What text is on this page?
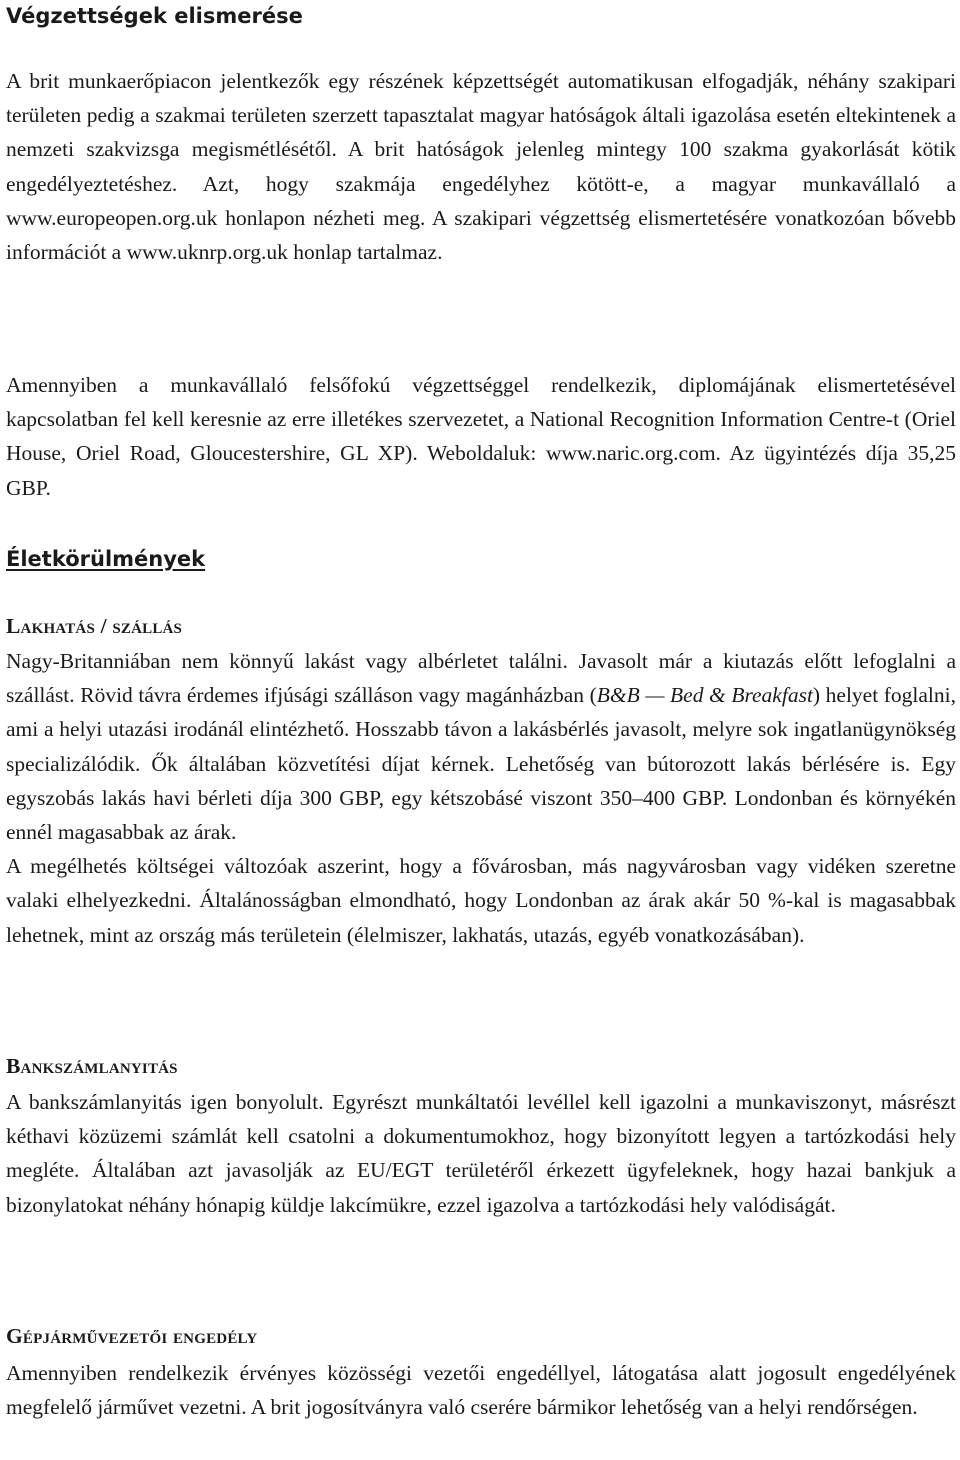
Végzettségek elismerése

A brit munkaerőpiacon jelentkezők egy részének képzettségét automatikusan elfogadják, néhány szakipari területen pedig a szakmai területen szerzett tapasztalat magyar hatóságok általi igazolása esetén eltekintenek a nemzeti szakvizsga megismétlésétől. A brit hatóságok jelenleg mintegy 100 szakma gyakorlását kötik engedélyeztetéshez. Azt, hogy szakmája engedélyhez kötött-e, a magyar munkavállaló a www.europeopen.org.uk honlapon nézheti meg. A szakipari végzettség elismertetésére vonatkozóan bővebb információt a www.uknrp.org.uk honlap tartalmaz.

Amennyiben a munkavállaló felsőfokú végzettséggel rendelkezik, diplomájának elismertetésével kapcsolatban fel kell keresnie az erre illetékes szervezetet, a National Recognition Information Centre-t (Oriel House, Oriel Road, Gloucestershire, GL XP). Weboldaluk: www.naric.org.com. Az ügyintézés díja 35,25 GBP.

Életkörülmények
Lakhatás / szállás

Nagy-Britanniában nem könnyű lakást vagy albérletet találni. Javasolt már a kiutazás előtt lefoglalni a szállást. Rövid távra érdemes ifjúsági szálláson vagy magánházban (B&B — Bed & Breakfast) helyet foglalni, ami a helyi utazási irodánál elintézhető. Hosszabb távon a lakásbérlés javasolt, melyre sok ingatlanügynökség specializálódik. Ők általában közvetítési díjat kérnek. Lehetőség van bútorozott lakás bérlésére is. Egy egyszobás lakás havi bérleti díja 300 GBP, egy kétszobásé viszont 350–400 GBP. Londonban és környékén ennél magasabbak az árak.

A megélhetés költségei változóak aszerint, hogy a fővárosban, más nagyvárosban vagy vidéken szeretne valaki elhelyezkedni. Általánosságban elmondható, hogy Londonban az árak akár 50 %-kal is magasabbak lehetnek, mint az ország más területein (élelmiszer, lakhatás, utazás, egyéb vonatkozásában).

Bankszámlanyitás

A bankszámlanyitás igen bonyolult. Egyrészt munkáltatói levéllel kell igazolni a munkaviszonyt, másrészt kéthavi közüzemi számlát kell csatolni a dokumentumokhoz, hogy bizonyított legyen a tartózkodási hely megléte. Általában azt javasolják az EU/EGT területéről érkezett ügyfeleknek, hogy hazai bankjuk a bizonylatokat néhány hónapig küldje lakcímükre, ezzel igazolva a tartózkodási hely valódiságát.

Gépjárművezetői engedély

Amennyiben rendelkezik érvényes közösségi vezetői engedéllyel, látogatása alatt jogosult engedélyének megfelelő járművet vezetni. A brit jogosítványra való cserére bármikor lehetőség van a helyi rendőrségen.
